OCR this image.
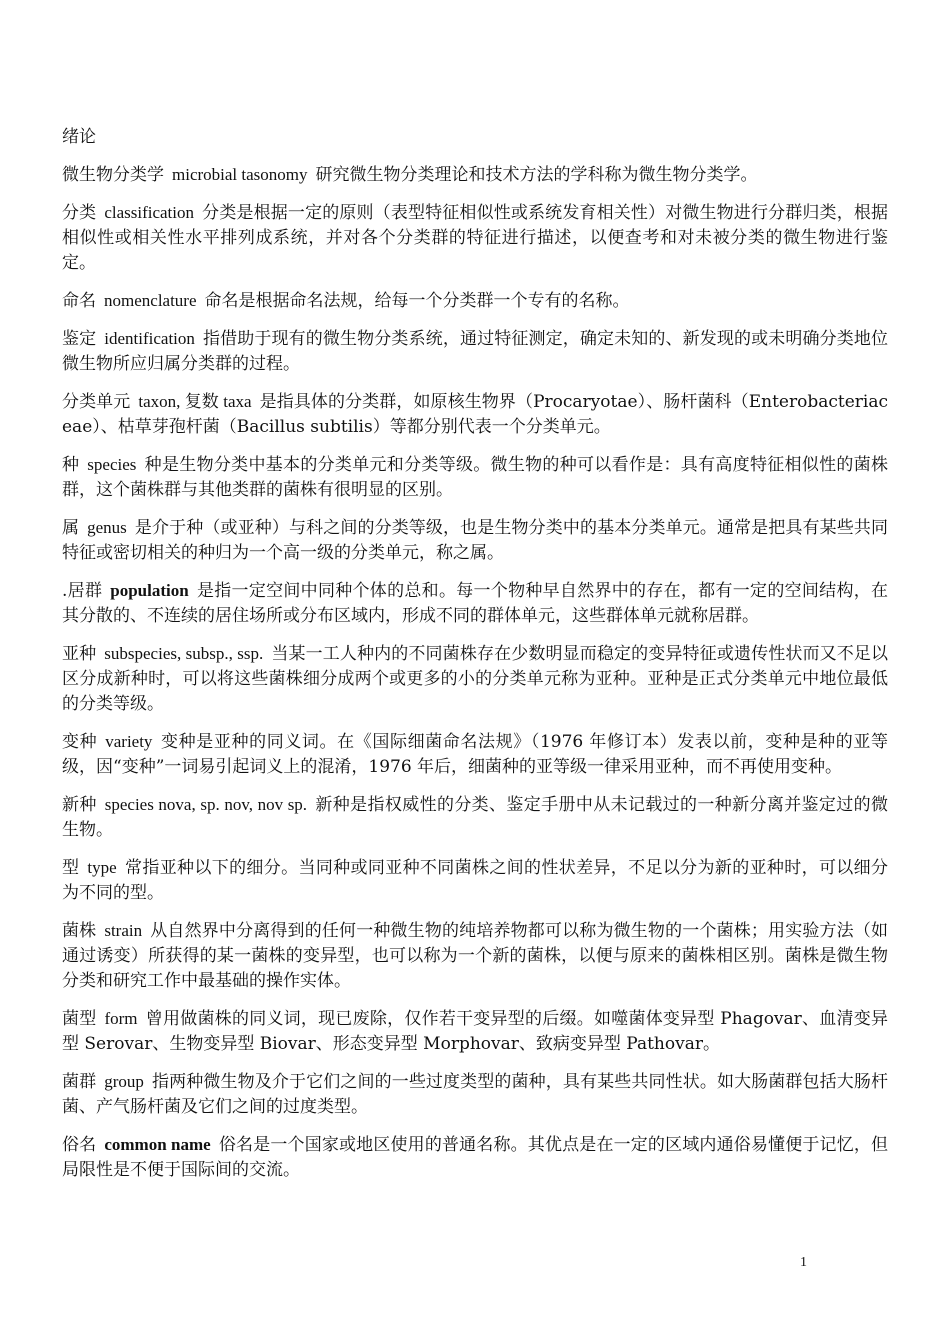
绪论

微生物分类学 microbial tasonomy 研究微生物分类理论和技术方法的学科称为微生物分类学。

分类 classification 分类是根据一定的原则（表型特征相似性或系统发育相关性）对微生物进行分群归类，根据相似性或相关性水平排列成系统，并对各个分类群的特征进行描述，以便查考和对未被分类的微生物进行鉴定。

命名 nomenclature 命名是根据命名法规，给每一个分类群一个专有的名称。

鉴定 identification 指借助于现有的微生物分类系统，通过特征测定，确定未知的、新发现的或未明确分类地位微生物所应归属分类群的过程。

分类单元 taxon, 复数 taxa 是指具体的分类群，如原核生物界（Procaryotae）、肠杆菌科（Enterobacteriaceae）、枯草芽孢杆菌（Bacillus subtilis）等都分别代表一个分类单元。

种 species 种是生物分类中基本的分类单元和分类等级。微生物的种可以看作是：具有高度特征相似性的菌株群，这个菌株群与其他类群的菌株有很明显的区别。

属 genus 是介于种（或亚种）与科之间的分类等级，也是生物分类中的基本分类单元。通常是把具有某些共同特征或密切相关的种归为一个高一级的分类单元，称之属。

.居群 population 是指一定空间中同种个体的总和。每一个物种早自然界中的存在，都有一定的空间结构，在其分散的、不连续的居住场所或分布区域内，形成不同的群体单元，这些群体单元就称居群。

亚种 subspecies, subsp., ssp. 当某一工人种内的不同菌株存在少数明显而稳定的变异特征或遗传性状而又不足以区分成新种时，可以将这些菌株细分成两个或更多的小的分类单元称为亚种。亚种是正式分类单元中地位最低的分类等级。

变种 variety 变种是亚种的同义词。在《国际细菌命名法规》（1976 年修订本）发表以前，变种是种的亚等级，因“变种”一词易引起词义上的混淆，1976 年后，细菌种的亚等级一律采用亚种，而不再使用变种。

新种 species nova, sp. nov, nov sp. 新种是指权威性的分类、鉴定手册中从未记载过的一种新分离并鉴定过的微生物。

型 type 常指亚种以下的细分。当同种或同亚种不同菌株之间的性状差异，不足以分为新的亚种时，可以细分为不同的型。

菌株 strain 从自然界中分离得到的任何一种微生物的纯培养物都可以称为微生物的一个菌株；用实验方法（如通过诱变）所获得的某一菌株的变异型，也可以称为一个新的菌株，以便与原来的菌株相区别。菌株是微生物分类和研究工作中最基础的操作实体。

菌型 form 曾用做菌株的同义词，现已废除，仅作若干变异型的后缀。如噬菌体变异型 Phagovar、血清变异型 Serovar、生物变异型 Biovar、形态变异型 Morphovar、致病变异型 Pathovar。

菌群 group 指两种微生物及介于它们之间的一些过度类型的菌种，具有某些共同性状。如大肠菌群包括大肠杆菌、产气肠杆菌及它们之间的过度类型。

俗名 common name 俗名是一个国家或地区使用的普通名称。其优点是在一定的区域内通俗易懂便于记忆，但局限性是不便于国际间的交流。

1
